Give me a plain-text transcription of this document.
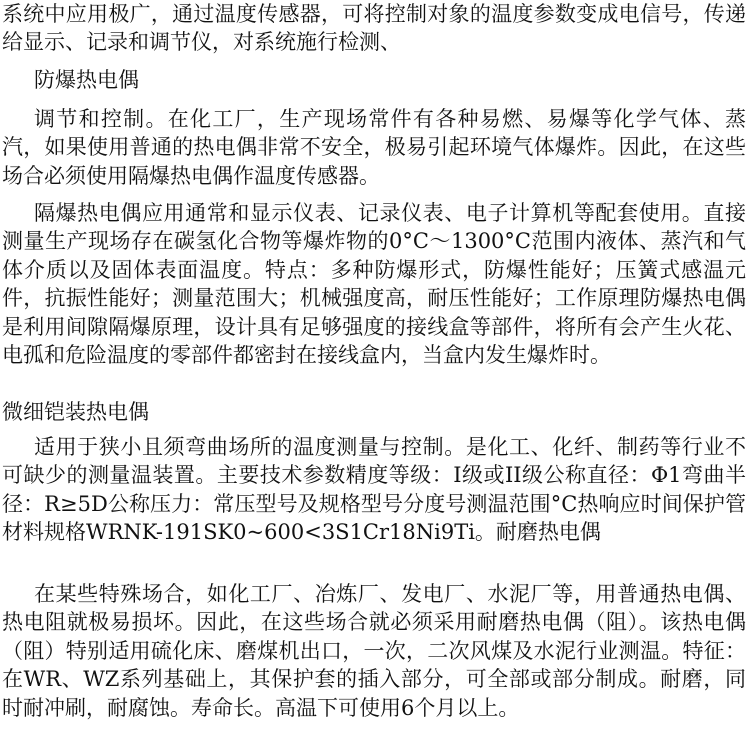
系统中应用极广，通过温度传感器，可将控制对象的温度参数变成电信号，传递给显示、记录和调节仪，对系统施行检测、

防爆热电偶

调节和控制。在化工厂，生产现场常件有各种易燃、易爆等化学气体、蒸汽，如果使用普通的热电偶非常不安全，极易引起环境气体爆炸。因此，在这些场合必须使用隔爆热电偶作温度传感器。

隔爆热电偶应用通常和显示仪表、记录仪表、电子计算机等配套使用。直接测量生产现场存在碳氢化合物等爆炸物的0°C～1300°C范围内液体、蒸汽和气体介质以及固体表面温度。特点：多种防爆形式，防爆性能好；压簧式感温元件，抗振性能好；测量范围大；机械强度高，耐压性能好；工作原理防爆热电偶是利用间隙隔爆原理，设计具有足够强度的接线盒等部件，将所有会产生火花、电孤和危险温度的零部件都密封在接线盒内，当盒内发生爆炸时。

微细铠装热电偶

适用于狭小且须弯曲场所的温度测量与控制。是化工、化纤、制药等行业不可缺少的测量温装置。主要技术参数精度等级：I级或II级公称直径：Φ1弯曲半径：R≥5D公称压力：常压型号及规格型号分度号测温范围°C热响应时间保护管材料规格WRNK-191SK0~600<3S1Cr18Ni9Ti。耐磨热电偶

在某些特殊场合，如化工厂、冶炼厂、发电厂、水泥厂等，用普通热电偶、热电阻就极易损坏。因此，在这些场合就必须采用耐磨热电偶（阻）。该热电偶（阻）特别适用硫化床、磨煤机出口，一次，二次风煤及水泥行业测温。特征：在WR、WZ系列基础上，其保护套的插入部分，可全部或部分制成。耐磨，同时耐冲刷，耐腐蚀。寿命长。高温下可使用6个月以上。
